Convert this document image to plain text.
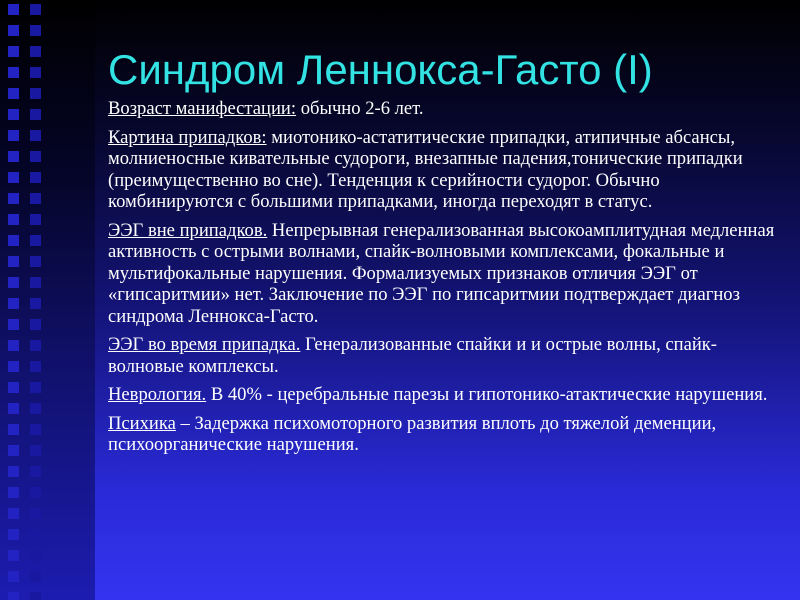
Синдром Леннокса-Гасто (I)

Возраст манифестации: обычно 2-6 лет.

Картина припадков: миотонико-астатитические припадки, атипичные абсансы, молниеносные кивательные судороги, внезапные падения,тонические припадки (преимущественно во сне). Тенденция к серийности судорог. Обычно комбинируются с большими припадками, иногда переходят в статус.

ЭЭГ вне припадков. Непрерывная генерализованная высокоамплитудная медленная активность с острыми волнами, спайк-волновыми комплексами, фокальные и мультифокальные нарушения. Формализуемых признаков отличия ЭЭГ от «гипсаритмии» нет. Заключение по ЭЭГ по гипсаритмии подтверждает диагноз синдрома Леннокса-Гасто.

ЭЭГ во время припадка. Генерализованные спайки и и острые волны, спайк-волновые комплексы.

Неврология. В 40% - церебральные парезы и гипотонико-атактические нарушения.

Психика – Задержка психомоторного развития вплоть до тяжелой деменции, психоорганические нарушения.
